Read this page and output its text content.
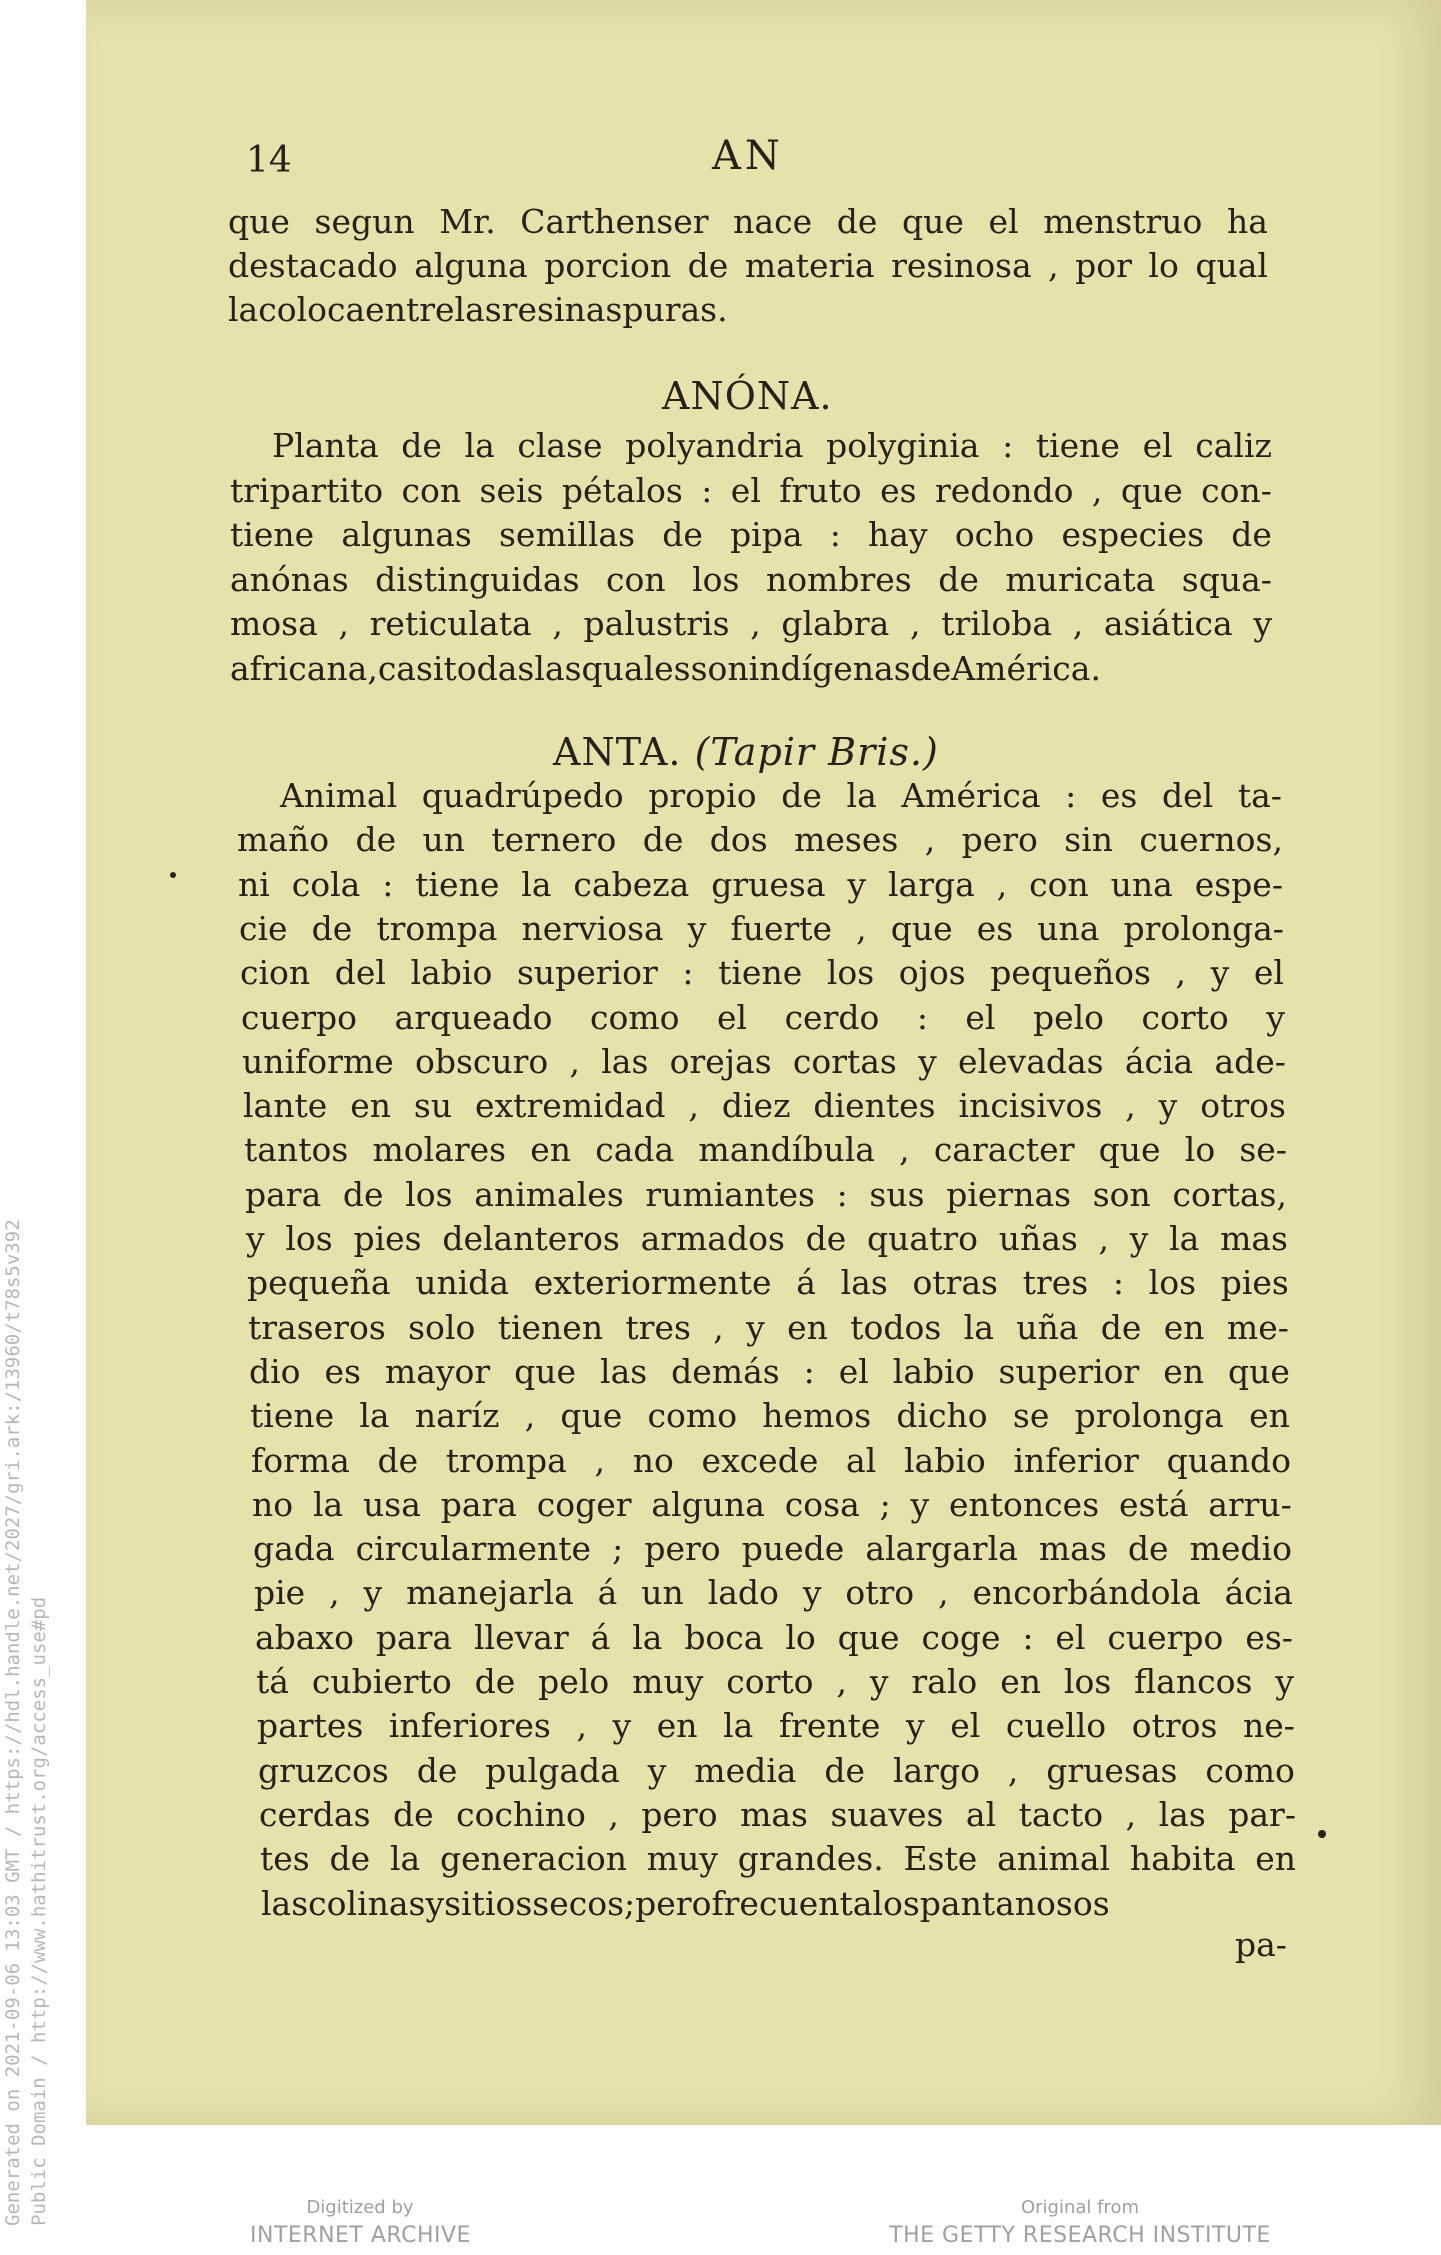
Generated on 2021-09-06 13:03 GMT / https://hdl.handle.net/2027/gri.ark:/13960/t78s5v392 Public Domain / http://www.hathitrust.org/access_use#pd
14	AN
que segun Mr. Carthenser nace de que el menstruo ha
destacado alguna porcion de materia resinosa , por lo qual
la coloca entre las resinas puras.
ANÓNA.
Planta de la clase polyandria polyginia : tiene el caliz
tripartito con seis pétalos : el fruto es redondo , que con-
tiene algunas semillas de pipa : hay ocho especies de
anónas distinguidas con los nombres de muricata squa-
mosa , reticulata , palustris , glabra , triloba , asiática y
africana , casi todas las quales son indígenas de América.
ANTA. (Tapir Bris.)
Animal quadrúpedo propio de la América : es del ta-
maño de un ternero de dos meses , pero sin cuernos,
ni cola : tiene la cabeza gruesa y larga , con una espe-
cie de trompa nerviosa y fuerte , que es una prolonga-
cion del labio superior : tiene los ojos pequeños , y el
cuerpo arqueado como el cerdo : el pelo corto y
uniforme obscuro , las orejas cortas y elevadas ácia ade-
lante en su extremidad , diez dientes incisivos , y otros
tantos molares en cada mandíbula , caracter que lo se-
para de los animales rumiantes : sus piernas son cortas,
y los pies delanteros armados de quatro uñas , y la mas
pequeña unida exteriormente á las otras tres : los pies
traseros solo tienen tres , y en todos la uña de en me-
dio es mayor que las demás : el labio superior en que
tiene la naríz , que como hemos dicho se prolonga en
forma de trompa , no excede al labio inferior quando
no la usa para coger alguna cosa ; y entonces está arru-
gada circularmente ; pero puede alargarla mas de medio
pie , y manejarla á un lado y otro , encorbándola ácia
abaxo para llevar á la boca lo que coge : el cuerpo es-
tá cubierto de pelo muy corto , y ralo en los flancos y
partes inferiores , y en la frente y el cuello otros ne-
gruzcos de pulgada y media de largo , gruesas como
cerdas de cochino , pero mas suaves al tacto , las par-
tes de la generacion muy grandes. Este animal habita en
las colinas y sitios secos ; pero frecuenta los pantanosos
pa-
Digitized by
INTERNET ARCHIVE
Original from
THE GETTY RESEARCH INSTITUTE
